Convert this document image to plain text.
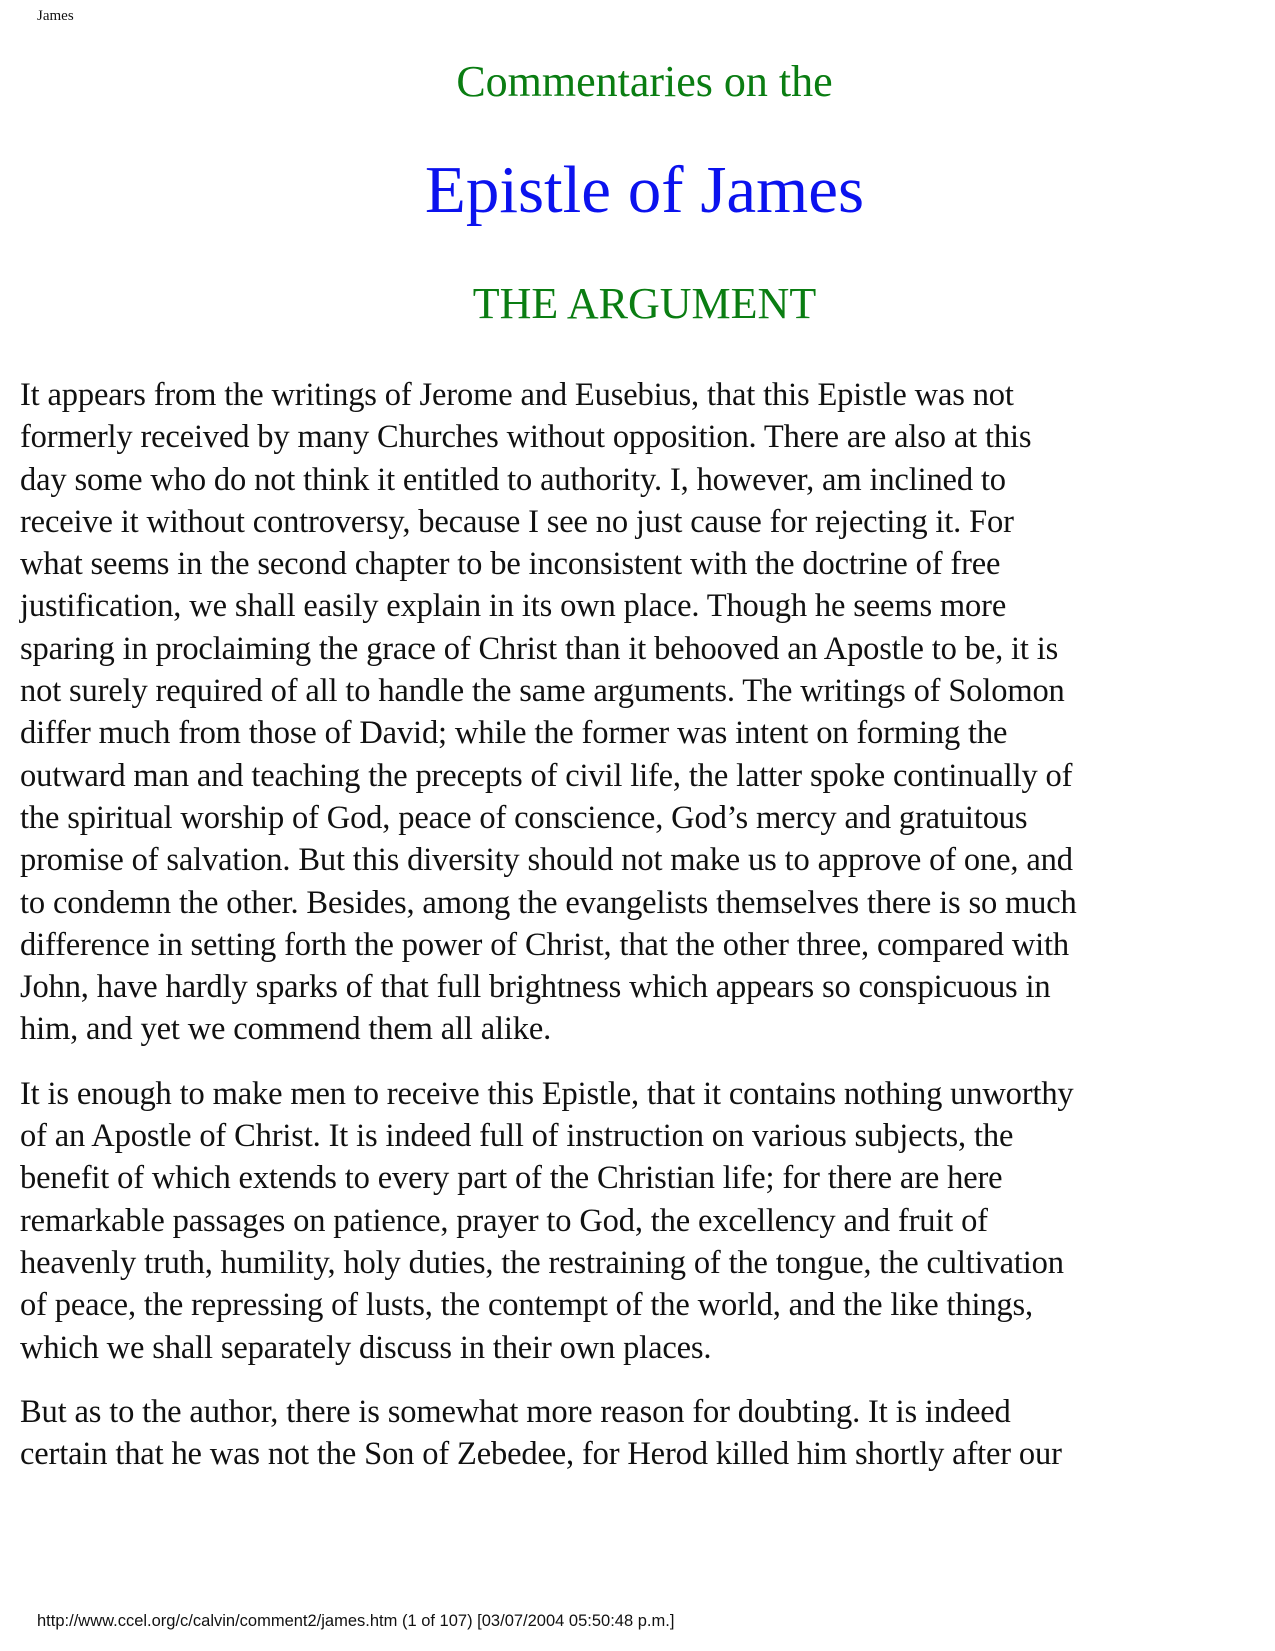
James
Commentaries on the
Epistle of James
THE ARGUMENT

It appears from the writings of Jerome and Eusebius, that this Epistle was not
formerly received by many Churches without opposition. There are also at this
day some who do not think it entitled to authority. I, however, am inclined to
receive it without controversy, because I see no just cause for rejecting it. For
what seems in the second chapter to be inconsistent with the doctrine of free
justification, we shall easily explain in its own place. Though he seems more
sparing in proclaiming the grace of Christ than it behooved an Apostle to be, it is
not surely required of all to handle the same arguments. The writings of Solomon
differ much from those of David; while the former was intent on forming the
outward man and teaching the precepts of civil life, the latter spoke continually of
the spiritual worship of God, peace of conscience, God’s mercy and gratuitous
promise of salvation. But this diversity should not make us to approve of one, and
to condemn the other. Besides, among the evangelists themselves there is so much
difference in setting forth the power of Christ, that the other three, compared with
John, have hardly sparks of that full brightness which appears so conspicuous in
him, and yet we commend them all alike.

It is enough to make men to receive this Epistle, that it contains nothing unworthy
of an Apostle of Christ. It is indeed full of instruction on various subjects, the
benefit of which extends to every part of the Christian life; for there are here
remarkable passages on patience, prayer to God, the excellency and fruit of
heavenly truth, humility, holy duties, the restraining of the tongue, the cultivation
of peace, the repressing of lusts, the contempt of the world, and the like things,
which we shall separately discuss in their own places.

But as to the author, there is somewhat more reason for doubting. It is indeed
certain that he was not the Son of Zebedee, for Herod killed him shortly after our

http://www.ccel.org/c/calvin/comment2/james.htm (1 of 107) [03/07/2004 05:50:48 p.m.]
